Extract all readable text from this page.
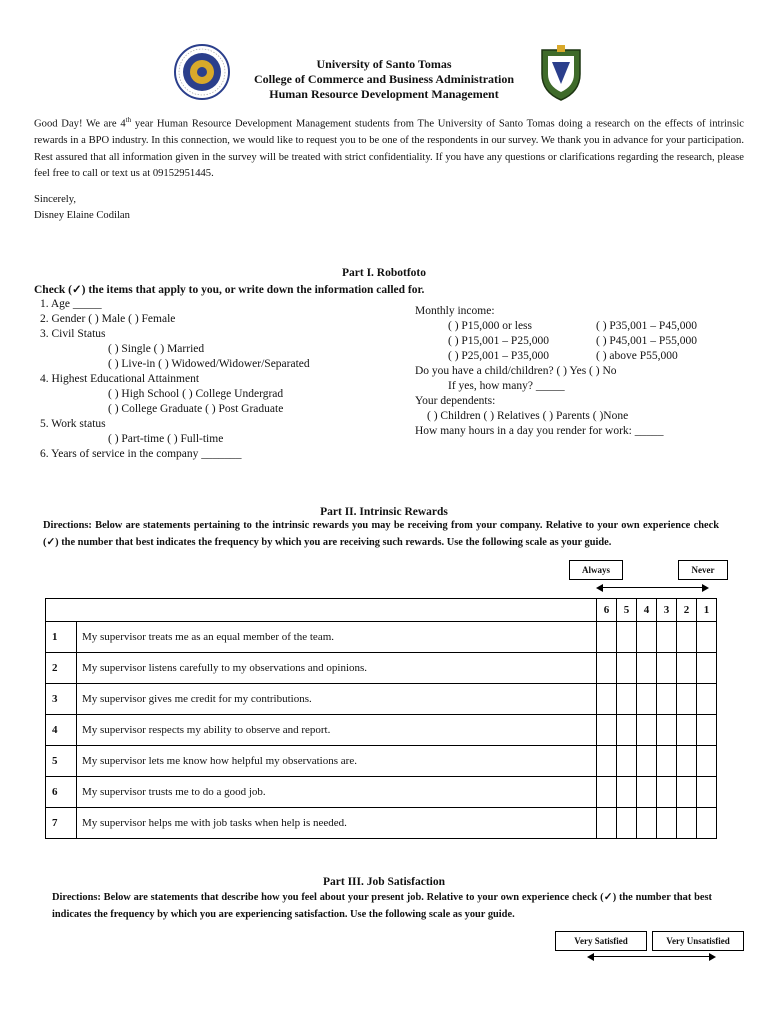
University of Santo Tomas
College of Commerce and Business Administration
Human Resource Development Management
Good Day! We are 4th year Human Resource Development Management students from The University of Santo Tomas doing a research on the effects of intrinsic rewards in a BPO industry. In this connection, we would like to request you to be one of the respondents in our survey. We thank you in advance for your participation. Rest assured that all information given in the survey will be treated with strict confidentiality. If you have any questions or clarifications regarding the research, please feel free to call or text us at 09152951445.
Sincerely,
Disney Elaine Codilan
Part I. Robotfoto
Check (✓) the items that apply to you, or write down the information called for.
1. Age _____
2. Gender ( ) Male ( ) Female
3. Civil Status
( ) Single ( ) Married
( ) Live-in ( ) Widowed/Widower/Separated
4. Highest Educational Attainment
( ) High School ( ) College Undergrad
( ) College Graduate ( ) Post Graduate
5. Work status
( ) Part-time ( ) Full-time
6. Years of service in the company _______
Monthly income:
( ) P15,000 or less	( ) P35,001 – P45,000
( ) P15,001 – P25,000	( ) P45,001 – P55,000
( ) P25,001 – P35,000	( ) above P55,000
Do you have a child/children? ( ) Yes ( ) No
If yes, how many? _____
Your dependents:
( ) Children ( ) Relatives ( ) Parents ( )None
How many hours in a day you render for work: _____
Part II. Intrinsic Rewards
Directions: Below are statements pertaining to the intrinsic rewards you may be receiving from your company. Relative to your own experience check (✓) the number that best indicates the frequency by which you are receiving such rewards. Use the following scale as your guide.
Always	Never
		6	5	4	3	2	1
1	My supervisor treats me as an equal member of the team.						
2	My supervisor listens carefully to my observations and opinions.						
3	My supervisor gives me credit for my contributions.						
4	My supervisor respects my ability to observe and report.						
5	My supervisor lets me know how helpful my observations are.						
6	My supervisor trusts me to do a good job.						
7	My supervisor helps me with job tasks when help is needed.						
Part III. Job Satisfaction
Directions: Below are statements that describe how you feel about your present job. Relative to your own experience check (✓) the number that best indicates the frequency by which you are experiencing satisfaction. Use the following scale as your guide.
Very Satisfied	Very Unsatisfied
